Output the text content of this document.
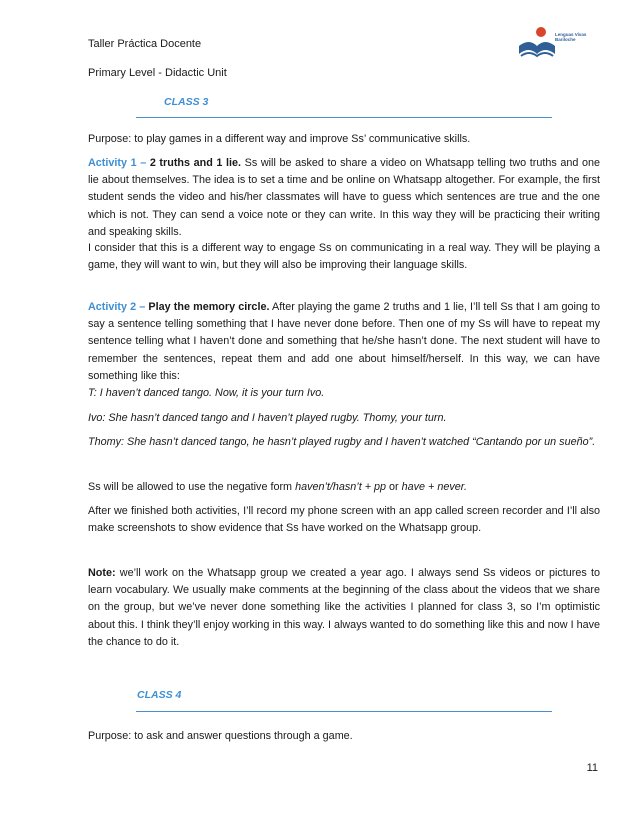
Taller Práctica Docente
Primary Level - Didactic Unit
Lenguas Vivas
Bariloche
CLASS 3
Purpose: to play games in a different way and improve Ss’ communicative skills.
Activity 1 – 2 truths and 1 lie. Ss will be asked to share a video on Whatsapp telling two truths and one lie about themselves. The idea is to set a time and be online on Whatsapp altogether. For example, the first student sends the video and his/her classmates will have to guess which sentences are true and the one which is not. They can send a voice note or they can write. In this way they will be practicing their writing and speaking skills.
I consider that this is a different way to engage Ss on communicating in a real way. They will be playing a game, they will want to win, but they will also be improving their language skills.
Activity 2 – Play the memory circle. After playing the game 2 truths and 1 lie, I’ll tell Ss that I am going to say a sentence telling something that I have never done before. Then one of my Ss will have to repeat my sentence telling what I haven’t done and something that he/she hasn’t done. The next student will have to remember the sentences, repeat them and add one about himself/herself. In this way, we can have something like this:
T: I haven’t danced tango. Now, it is your turn Ivo.
Ivo: She hasn’t danced tango and I haven’t played rugby. Thomy, your turn.
Thomy: She hasn’t danced tango, he hasn’t played rugby and I haven’t watched “Cantando por un sueño”.
Ss will be allowed to use the negative form haven’t/hasn’t + pp or have + never.
After we finished both activities, I’ll record my phone screen with an app called screen recorder and I’ll also make screenshots to show evidence that Ss have worked on the Whatsapp group.
Note: we’ll work on the Whatsapp group we created a year ago. I always send Ss videos or pictures to learn vocabulary. We usually make comments at the beginning of the class about the videos that we share on the group, but we’ve never done something like the activities I planned for class 3, so I’m optimistic about this. I think they’ll enjoy working in this way. I always wanted to do something like this and now I have the chance to do it.
CLASS 4
Purpose: to ask and answer questions through a game.
11
